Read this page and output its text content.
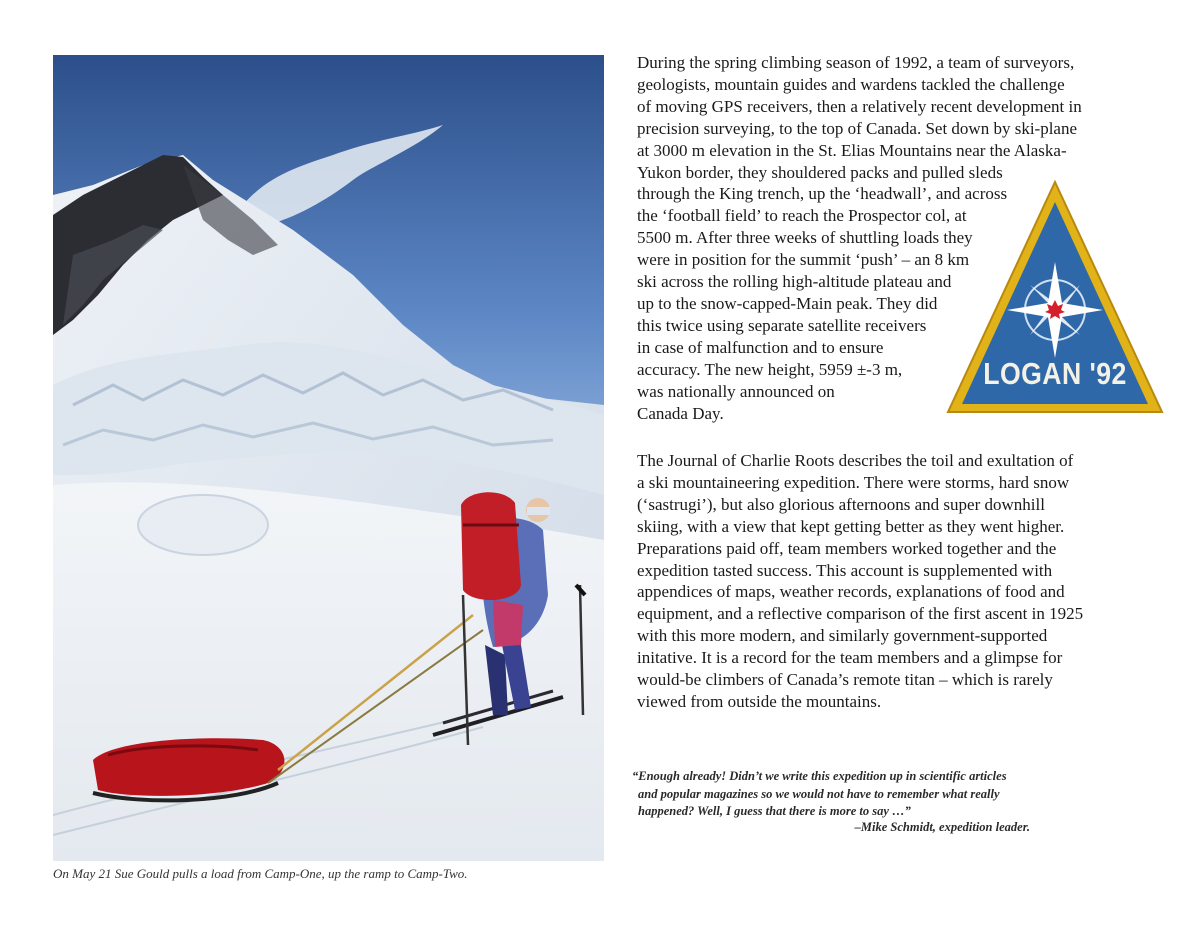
On May 21 Sue Gould pulls a load from Camp-One, up the ramp to Camp-Two.
During the spring climbing season of 1992, a team of surveyors,
geologists, mountain guides and wardens tackled the challenge
of moving GPS receivers, then a relatively recent development in
precision surveying, to the top of Canada. Set down by ski-plane
at 3000 m elevation in the St. Elias Mountains near the Alaska-
Yukon border, they shouldered packs and pulled sleds
through the King trench, up the ‘headwall’, and across
the ‘football field’ to reach the Prospector col, at
5500 m. After three weeks of shuttling loads they
were in position for the summit ‘push’ – an 8 km
ski across the rolling high-altitude plateau and
up to the snow-capped-Main peak. They did
this twice using separate satellite receivers
in case of malfunction and to ensure
accuracy. The new height, 5959 ±-3 m,
was nationally announced on
Canada Day.
LOGAN '92
The Journal of Charlie Roots describes the toil and exultation of
a ski mountaineering expedition. There were storms, hard snow
(‘sastrugi’), but also glorious afternoons and super downhill
skiing, with a view that kept getting better as they went higher.
Preparations paid off, team members worked together and the
expedition tasted success. This account is supplemented with
appendices of maps, weather records, explanations of food and
equipment, and a reflective comparison of the first ascent in 1925
with this more modern, and similarly government-supported
initative. It is a record for the team members and a glimpse for
would-be climbers of Canada’s remote titan – which is rarely
viewed from outside the mountains.
“Enough already! Didn’t we write this expedition up in scientific articles
and popular magazines so we would not have to remember what really
happened? Well, I guess that there is more to say …”
–Mike Schmidt, expedition leader.
